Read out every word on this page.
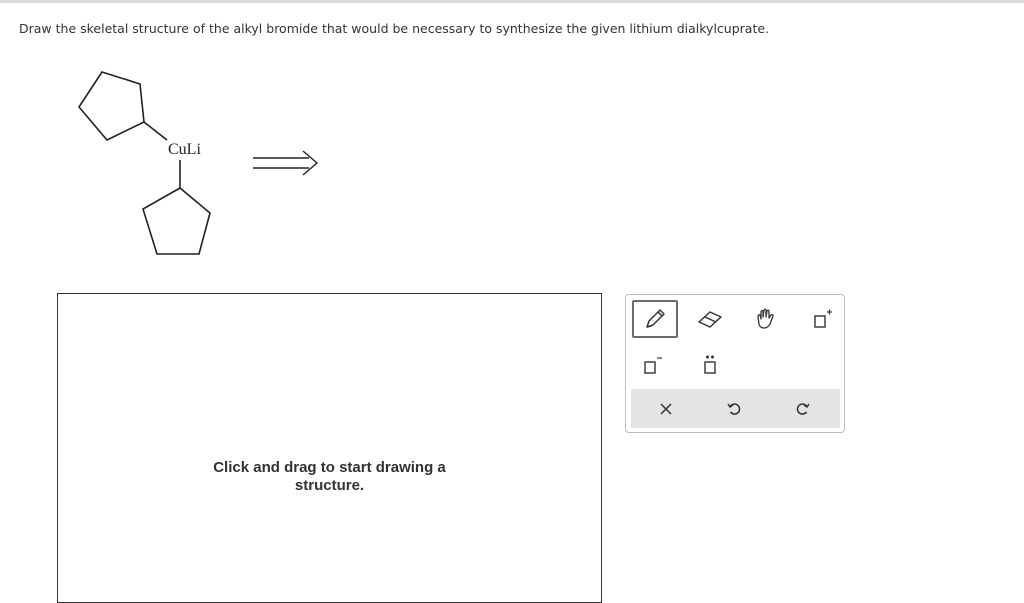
Draw the skeletal structure of the alkyl bromide that would be necessary to synthesize the given lithium dialkylcuprate.
CuLi
Click and drag to start drawing a
structure.
